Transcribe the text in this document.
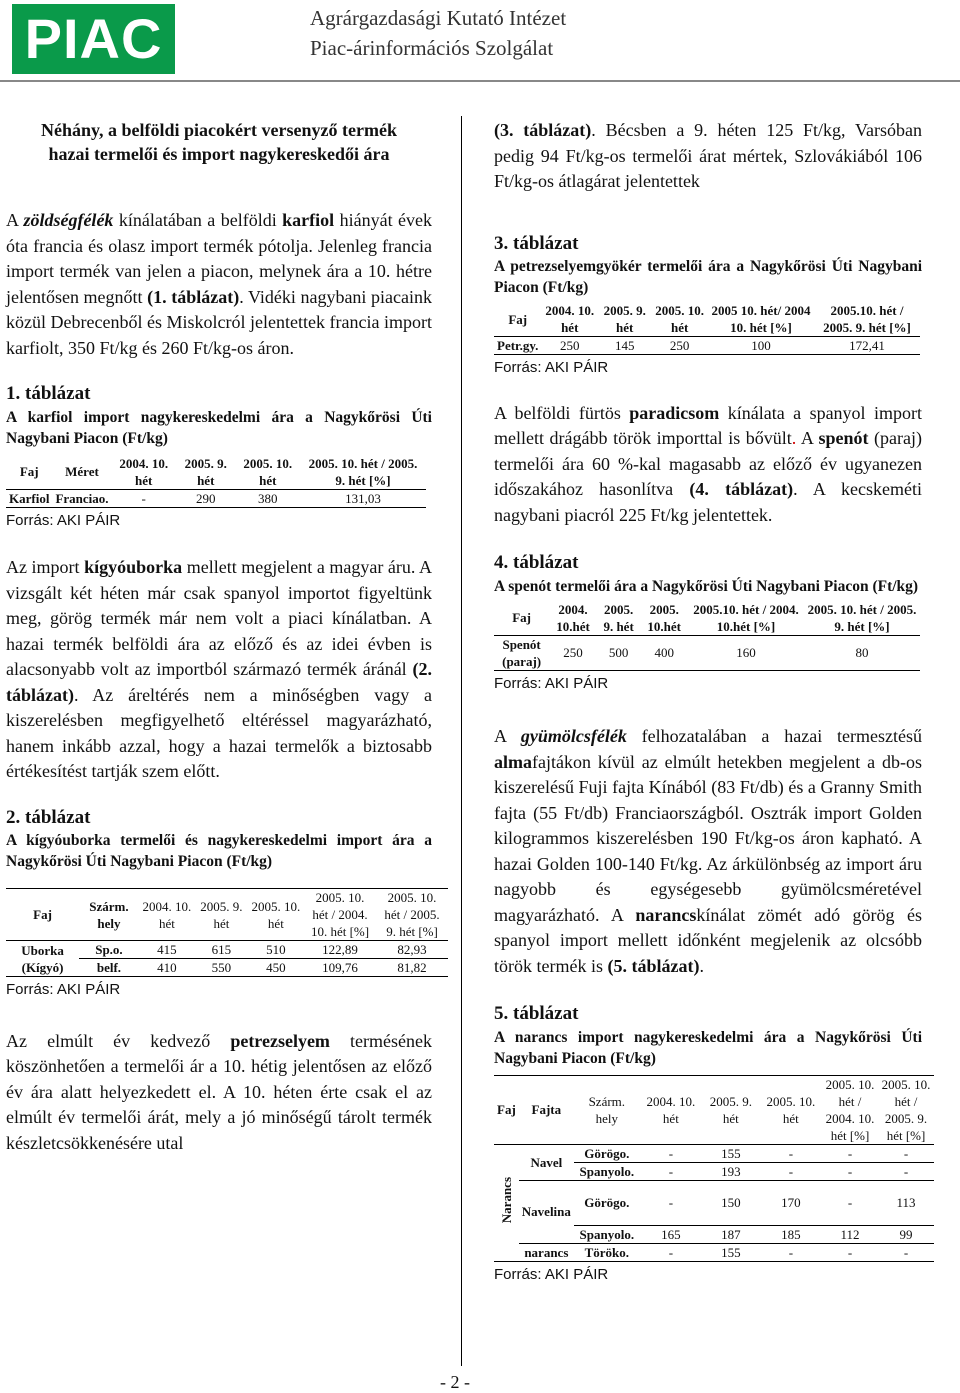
PIAC	Agrárgazdasági Kutató Intézet
Piac-árinformációs Szolgálat
Néhány, a belföldi piacokért versenyző termék hazai termelői és import nagykereskedői ára

A zöldségfélék kínálatában a belföldi karfiol hiányát évek óta francia és olasz import termék pótolja. Jelenleg francia import termék van jelen a piacon, melynek ára a 10. hétre jelentősen megnőtt (1. táblázat). Vidéki nagybani piacaink közül Debrecenből és Miskolcról jelentettek francia import karfiolt, 350 Ft/kg és 260 Ft/kg-os áron.

1. táblázat
A karfiol import nagykereskedelmi ára a Nagykőrösi Úti Nagybani Piacon (Ft/kg)
Faj	Méret	2004. 10. hét	2005. 9. hét	2005. 10. hét	2005. 10. hét / 2005. 9. hét [%]
Karfiol	Franciao.	-	290	380	131,03
Forrás: AKI PÁIR

Az import kígyóuborka mellett megjelent a magyar áru. A vizsgált két héten már csak spanyol importot figyeltünk meg, görög termék már nem volt a piaci kínálatban. A hazai termék belföldi ára az előző és az idei évben is alacsonyabb volt az importból származó termék áránál (2. táblázat). Az áreltérés nem a minőségben vagy a kiszerelésben megfigyelhető eltéréssel magyarázható, hanem inkább azzal, hogy a hazai termelők a biztosabb értékesítést tartják szem előtt.

2. táblázat
A kígyóuborka termelői és nagykereskedelmi import ára a Nagykőrösi Úti Nagybani Piacon (Ft/kg)
Faj	Szárm. hely	2004. 10. hét	2005. 9. hét	2005. 10. hét	2005. 10. hét / 2004. 10. hét [%]	2005. 10. hét / 2005. 9. hét [%]
Uborka (Kígyó)	Sp.o.	415	615	510	122,89	82,93
	belf.	410	550	450	109,76	81,82
Forrás: AKI PÁIR

Az elmúlt év kedvező petrezselyem termésének köszönhetően a termelői ár a 10. hétig jelentősen az előző év ára alatt helyezkedett el. A 10. héten érte csak el az elmúlt év termelői árát, mely a jó minőségű tárolt termék készletcsökkenésére utal

(3. táblázat). Bécsben a 9. héten 125 Ft/kg, Varsóban pedig 94 Ft/kg-os termelői árat mértek, Szlovákiából 106 Ft/kg-os átlagárat jelentettek

3. táblázat
A petrezselyemgyökér termelői ára a Nagykőrösi Úti Nagybani Piacon (Ft/kg)
Faj	2004. 10. hét	2005. 9. hét	2005. 10. hét	2005 10. hét/ 2004 10. hét [%]	2005.10. hét / 2005. 9. hét [%]
Petr.gy.	250	145	250	100	172,41
Forrás: AKI PÁIR

A belföldi fürtös paradicsom kínálata a spanyol import mellett drágább török importtal is bővült. A spenót (paraj) termelői ára 60 %-kal magasabb az előző év ugyanezen időszakához hasonlítva (4. táblázat). A kecskeméti nagybani piacról 225 Ft/kg jelentettek.

4. táblázat
A spenót termelői ára a Nagykőrösi Úti Nagybani Piacon (Ft/kg)
Faj	2004. 10.hét	2005. 9. hét	2005. 10.hét	2005.10. hét / 2004. 10.hét [%]	2005. 10. hét / 2005. 9. hét [%]
Spenót (paraj)	250	500	400	160	80
Forrás: AKI PÁIR

A gyümölcsfélék felhozatalában a hazai termesztésű almafajtákon kívül az elmúlt hetekben megjelent a db-os kiszerelésű Fuji fajta Kínából (83 Ft/db) és a Granny Smith fajta (55 Ft/db) Franciaországból. Osztrák import Golden kilogrammos kiszerelésben 190 Ft/kg-os áron kapható. A hazai Golden 100-140 Ft/kg. Az árkülönbség az import áru nagyobb és egységesebb gyümölcsméretével magyarázható. A narancskínálat zömét adó görög és spanyol import mellett időnként megjelenik az olcsóbb török termék is (5. táblázat).

5. táblázat
A narancs import nagykereskedelmi ára a Nagykőrösi Úti Nagybani Piacon (Ft/kg)
Faj	Fajta	Szárm. hely	2004. 10. hét	2005. 9. hét	2005. 10. hét	2005. 10. hét / 2004. 10. hét [%]	2005. 10. hét / 2005. 9. hét [%]
Narancs	Navel	Görögo.	-	155	-	-	-
		Spanyolo.	-	193	-	-	-
	Navelina	Görögo.	-	150	170	-	113
		Spanyolo.	165	187	185	112	99
	narancs	Töröko.	-	155	-	-	-
Forrás: AKI PÁIR
- 2 -
